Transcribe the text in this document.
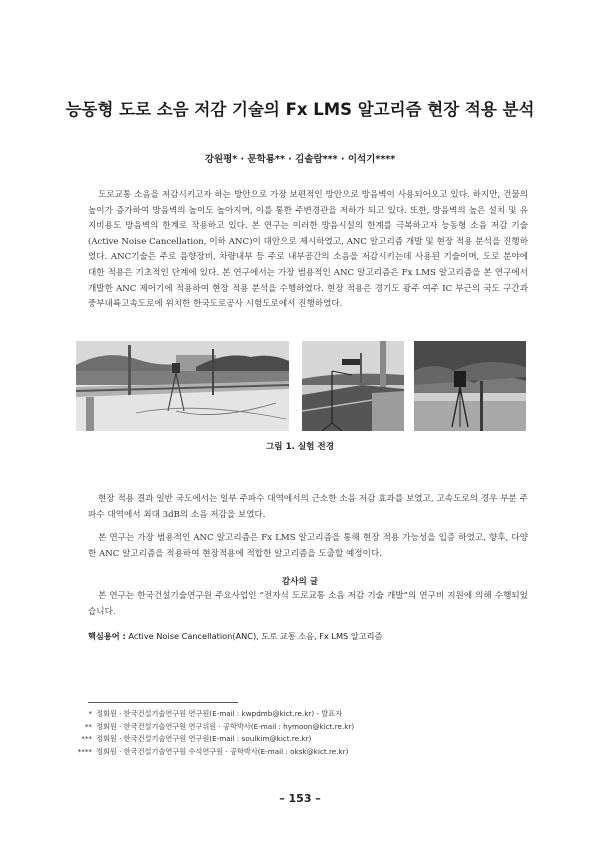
능동형 도로 소음 저감 기술의 Fx LMS 알고리즘 현장 적용 분석
강원평* · 문학룡** · 김솔람*** · 이석기****

도로교통 소음을 저감시키고자 하는 방안으로 가장 보편적인 방안으로 방음벽이 사용되어오고 있다. 하지만, 건물의 높이가 증가하여 방음벽의 높이도 높아지며, 이를 통한 주변경관을 저하가 되고 있다. 또한, 방음벽의 높은 설치 및 유지비용도 방음벽의 한계로 작용하고 있다. 본 연구는 이러한 방음시설의 한계를 극복하고자 능동형 소음 저감 기술(Active Noise Cancellation, 이하 ANC)이 대안으로 제시하였고, ANC 알고리즘 개발 및 현장 적용 분석을 진행하였다. ANC기술은 주로 음향장비, 차량내부 등 주로 내부공간의 소음을 저감시키는데 사용된 기술이며, 도로 분야에 대한 적용은 기초적인 단계에 있다. 본 연구에서는 가장 범용적인 ANC 알고리즘은 Fx LMS 알고리즘을 본 연구에서 개발한 ANC 제어기에 적용하여 현장 적용 분석을 수행하였다. 현장 적용은 경기도 광주 여주 IC 부근의 국도 구간과 중부내륙고속도로에 위치한 한국도로공사 시험도로에서 진행하였다.

그림 1. 실험 전경

현장 적용 결과 일반 국도에서는 일부 주파수 대역에서의 근소한 소음 저감 효과를 보였고, 고속도로의 경우 부분 주파수 대역에서 최대 3dB의 소음 저감을 보였다.

본 연구는 가장 범용적인 ANC 알고리즘은 Fx LMS 알고리즘을 통해 현장 적용 가능성을 입증 하였고, 향후, 다양한 ANC 알고리즘을 적용하여 현장적용에 적합한 알고리즘을 도출할 예정이다.

감사의 글

본 연구는 한국건설기술연구원 주요사업인 “전자식 도로교통 소음 저감 기술 개발”의 연구비 지원에 의해 수행되었습니다.

핵심용어 : Active Noise Cancellation(ANC), 도로 교통 소음, Fx LMS 알고리즘
* 정회원 · 한국건설기술연구원 연구원(E-mail : kwpdmb@kict.re.kr) - 발표자
** 정회원 · 한국건설기술연구원 연구위원 · 공학박사(E-mail : hymoon@kict.re.kr)
*** 정회원 · 한국건설기술연구원 연구원(E-mail : soulkim@kict.re.kr)
**** 정회원 · 한국건설기술연구원 수석연구원 · 공학박사(E-mail : oksk@kict.re.kr)
– 153 –
